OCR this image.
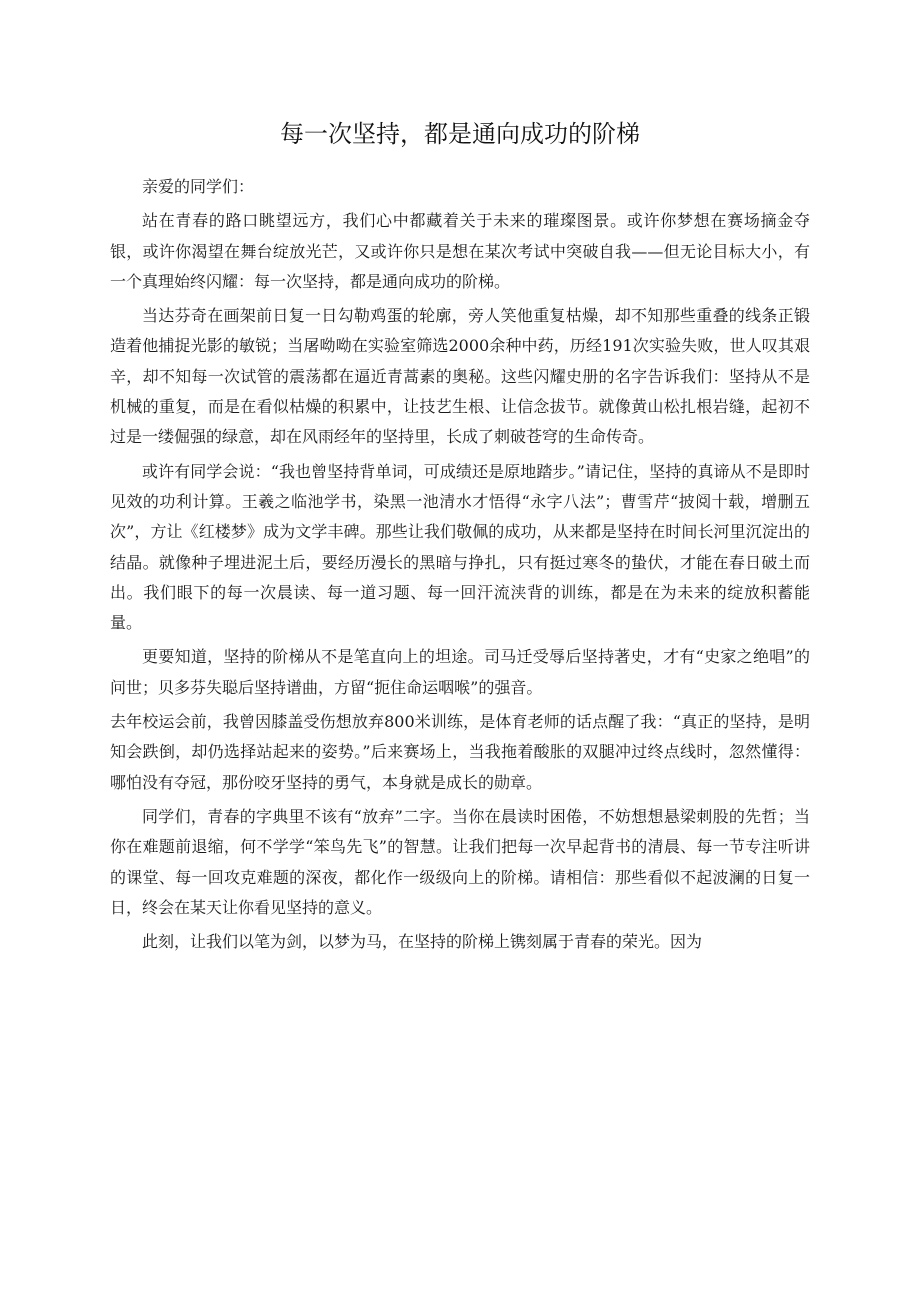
每一次坚持，都是通向成功的阶梯

亲爱的同学们：

站在青春的路口眺望远方，我们心中都藏着关于未来的璀璨图景。或许你梦想在赛场摘金夺银，或许你渴望在舞台绽放光芒，又或许你只是想在某次考试中突破自我——但无论目标大小，有一个真理始终闪耀：每一次坚持，都是通向成功的阶梯。

当达芬奇在画架前日复一日勾勒鸡蛋的轮廓，旁人笑他重复枯燥，却不知那些重叠的线条正锻造着他捕捉光影的敏锐；当屠呦呦在实验室筛选2000余种中药，历经191次实验失败，世人叹其艰辛，却不知每一次试管的震荡都在逼近青蒿素的奥秘。这些闪耀史册的名字告诉我们：坚持从不是机械的重复，而是在看似枯燥的积累中，让技艺生根、让信念拔节。就像黄山松扎根岩缝，起初不过是一缕倔强的绿意，却在风雨经年的坚持里，长成了刺破苍穹的生命传奇。

或许有同学会说：“我也曾坚持背单词，可成绩还是原地踏步。”请记住，坚持的真谛从不是即时见效的功利计算。王羲之临池学书，染黑一池清水才悟得“永字八法”；曹雪芹“披阅十载，增删五次”，方让《红楼梦》成为文学丰碑。那些让我们敬佩的成功，从来都是坚持在时间长河里沉淀出的结晶。就像种子埋进泥土后，要经历漫长的黑暗与挣扎，只有挺过寒冬的蛰伏，才能在春日破土而出。我们眼下的每一次晨读、每一道习题、每一回汗流浃背的训练，都是在为未来的绽放积蓄能量。

更要知道，坚持的阶梯从不是笔直向上的坦途。司马迁受辱后坚持著史，才有“史家之绝唱”的问世；贝多芬失聪后坚持谱曲，方留“扼住命运咽喉”的强音。

去年校运会前，我曾因膝盖受伤想放弃800米训练，是体育老师的话点醒了我：“真正的坚持，是明知会跌倒，却仍选择站起来的姿势。”后来赛场上，当我拖着酸胀的双腿冲过终点线时，忽然懂得：哪怕没有夺冠，那份咬牙坚持的勇气，本身就是成长的勋章。

同学们，青春的字典里不该有“放弃”二字。当你在晨读时困倦，不妨想想悬梁刺股的先哲；当你在难题前退缩，何不学学“笨鸟先飞”的智慧。让我们把每一次早起背书的清晨、每一节专注听讲的课堂、每一回攻克难题的深夜，都化作一级级向上的阶梯。请相信：那些看似不起波澜的日复一日，终会在某天让你看见坚持的意义。

此刻，让我们以笔为剑，以梦为马，在坚持的阶梯上镌刻属于青春的荣光。因为
